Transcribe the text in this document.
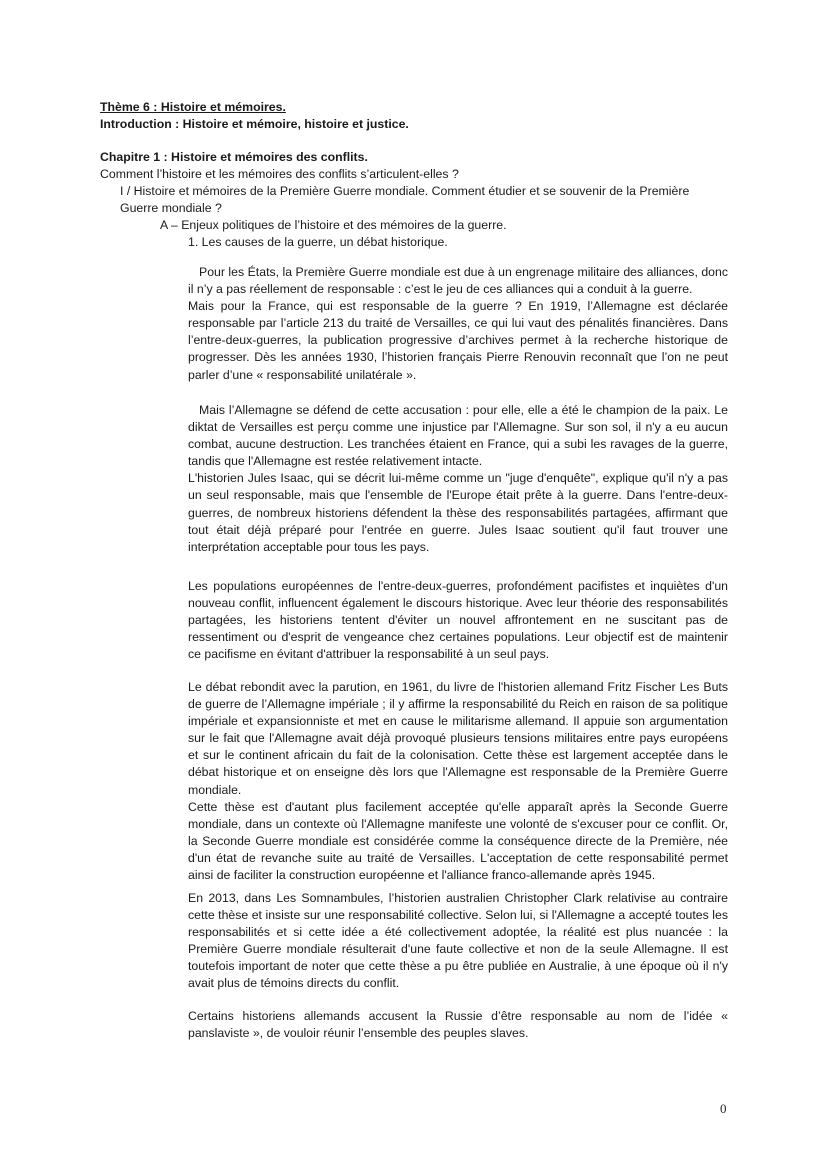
Thème 6 : Histoire et mémoires.
Introduction : Histoire et mémoire, histoire et justice.
Chapitre 1 : Histoire et mémoires des conflits.
Comment l’histoire et les mémoires des conflits s’articulent-elles ?
I / Histoire et mémoires de la Première Guerre mondiale. Comment étudier et se souvenir de la Première
Guerre mondiale ?
A – Enjeux politiques de l’histoire et des mémoires de la guerre.
1. Les causes de la guerre, un débat historique.

Pour les États, la Première Guerre mondiale est due à un engrenage militaire des alliances, donc il n’y a pas réellement de responsable : c’est le jeu de ces alliances qui a conduit à la guerre.

Mais pour la France, qui est responsable de la guerre ? En 1919, l’Allemagne est déclarée responsable par l’article 213 du traité de Versailles, ce qui lui vaut des pénalités financières. Dans l’entre-deux-guerres, la publication progressive d’archives permet à la recherche historique de progresser. Dès les années 1930, l’historien français Pierre Renouvin reconnaît que l’on ne peut parler d’une « responsabilité unilatérale ».

Mais l’Allemagne se défend de cette accusation : pour elle, elle a été le champion de la paix. Le diktat de Versailles est perçu comme une injustice par l'Allemagne. Sur son sol, il n'y a eu aucun combat, aucune destruction. Les tranchées étaient en France, qui a subi les ravages de la guerre, tandis que l'Allemagne est restée relativement intacte.

L'historien Jules Isaac, qui se décrit lui-même comme un "juge d'enquête", explique qu'il n'y a pas un seul responsable, mais que l'ensemble de l'Europe était prête à la guerre. Dans l'entre-deux-guerres, de nombreux historiens défendent la thèse des responsabilités partagées, affirmant que tout était déjà préparé pour l'entrée en guerre. Jules Isaac soutient qu'il faut trouver une interprétation acceptable pour tous les pays.

Les populations européennes de l'entre-deux-guerres, profondément pacifistes et inquiètes d'un nouveau conflit, influencent également le discours historique. Avec leur théorie des responsabilités partagées, les historiens tentent d'éviter un nouvel affrontement en ne suscitant pas de ressentiment ou d'esprit de vengeance chez certaines populations. Leur objectif est de maintenir ce pacifisme en évitant d'attribuer la responsabilité à un seul pays.

Le débat rebondit avec la parution, en 1961, du livre de l'historien allemand Fritz Fischer Les Buts de guerre de l’Allemagne impériale ; il y affirme la responsabilité du Reich en raison de sa politique impériale et expansionniste et met en cause le militarisme allemand. Il appuie son argumentation sur le fait que l'Allemagne avait déjà provoqué plusieurs tensions militaires entre pays européens et sur le continent africain du fait de la colonisation. Cette thèse est largement acceptée dans le débat historique et on enseigne dès lors que l'Allemagne est responsable de la Première Guerre mondiale.

Cette thèse est d'autant plus facilement acceptée qu'elle apparaît après la Seconde Guerre mondiale, dans un contexte où l'Allemagne manifeste une volonté de s'excuser pour ce conflit. Or, la Seconde Guerre mondiale est considérée comme la conséquence directe de la Première, née d'un état de revanche suite au traité de Versailles. L'acceptation de cette responsabilité permet ainsi de faciliter la construction européenne et l'alliance franco-allemande après 1945.

En 2013, dans Les Somnambules, l’historien australien Christopher Clark relativise au contraire cette thèse et insiste sur une responsabilité collective. Selon lui, si l'Allemagne a accepté toutes les responsabilités et si cette idée a été collectivement adoptée, la réalité est plus nuancée : la Première Guerre mondiale résulterait d'une faute collective et non de la seule Allemagne. Il est toutefois important de noter que cette thèse a pu être publiée en Australie, à une époque où il n'y avait plus de témoins directs du conflit.

Certains historiens allemands accusent la Russie d’être responsable au nom de l’idée « panslaviste », de vouloir réunir l’ensemble des peuples slaves.

0
